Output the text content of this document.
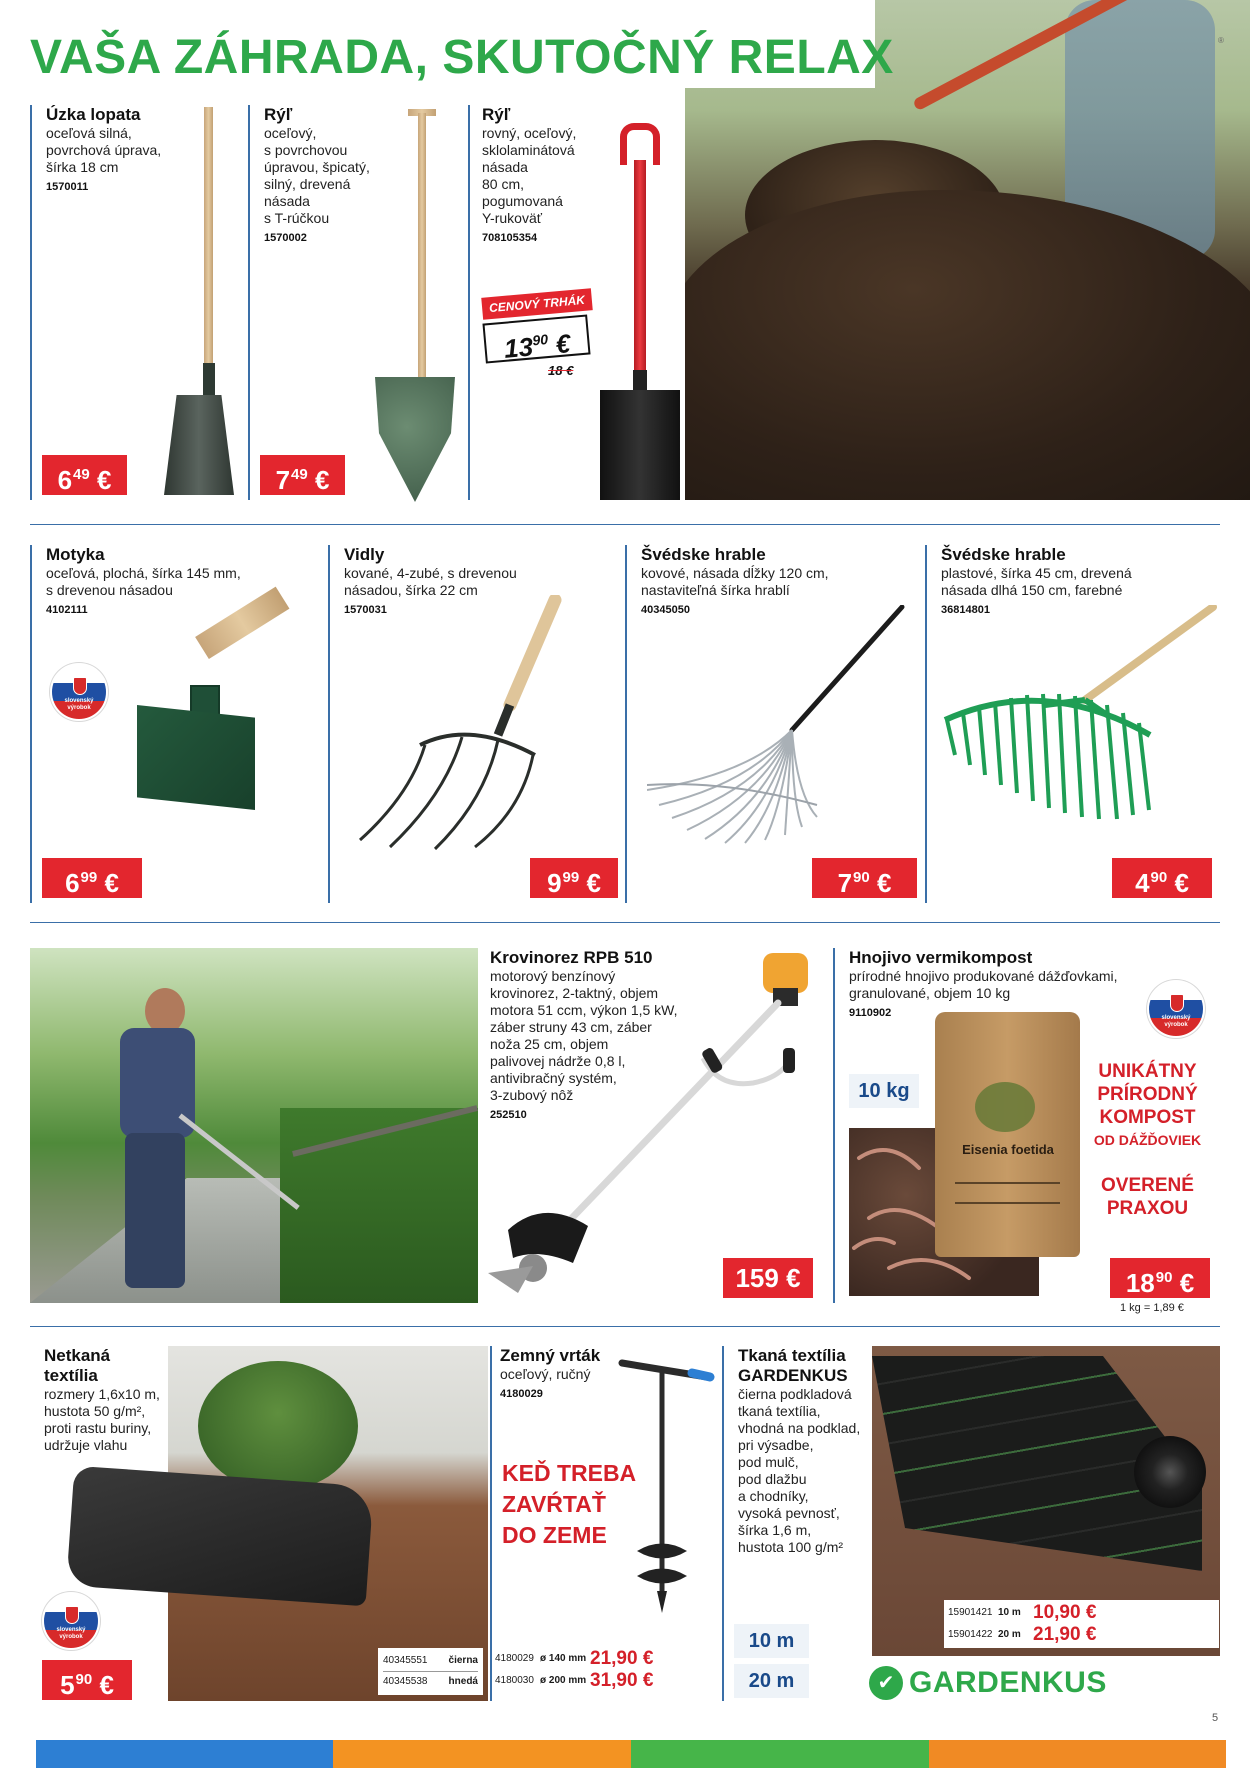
VAŠA ZÁHRADA, SKUTOČNÝ RELAX	®
Úzka lopata
oceľová silná,
povrchová úprava,
šírka 18 cm
1570011
$6^{49}$ €
Rýľ
oceľový,
s povrchovou
úpravou, špicatý,
silný, drevená
násada
s T-rúčkou
1570002
$7^{49}$ €
Rýľ
rovný, oceľový,
sklolaminátová
násada
80 cm,
pogumovaná
Y-rukoväť
708105354
CENOVÝ TRHÁK
$13^{90}$ €
18 €
Motyka
oceľová, plochá, šírka 145 mm,
s drevenou násadou
4102111
slovenský
výrobok
$6^{99}$ €
Vidly
kované, 4-zubé, s drevenou
násadou, šírka 22 cm
1570031
$9^{99}$ €
Švédske hrable
kovové, násada dĺžky 120 cm,
nastaviteľná šírka hrablí
40345050
$7^{90}$ €
Švédske hrable
plastové, šírka 45 cm, drevená
násada dlhá 150 cm, farebné
36814801
$4^{90}$ €
Krovinorez RPB 510
motorový benzínový
krovinorez, 2-taktný, objem
motora 51 ccm, výkon 1,5 kW,
záber struny 43 cm, záber
noža 25 cm, objem
palivovej nádrže 0,8 l,
antivibračný systém,
3-zubový nôž
252510
159 €
Hnojivo vermikompost
prírodné hnojivo produkované dážďovkami,
granulované, objem 10 kg
9110902	slovenský
výrobok
10 kg
Eisenia foetida
UNIKÁTNY
PRÍRODNÝ
KOMPOST
OD DÁŽĎOVIEK
OVERENÉ
PRAXOU
$18^{90}$ €
1 kg = 1,89 €
Netkaná
textília
rozmery 1,6x10 m,
hustota 50 g/m²,
proti rastu buriny,
udržuje vlahu
slovenský
výrobok
$5^{90}$ €
40345551 čierna
40345538 hnedá
Zemný vrták
oceľový, ručný
4180029
KEĎ TREBA
ZAVŔTAŤ
DO ZEME
4180029 ø 140 mm 21,90 €
4180030 ø 200 mm 31,90 €
Tkaná textília
GARDENKUS
čierna podkladová
tkaná textília,
vhodná na podklad,
pri výsadbe,
pod mulč,
pod dlažbu
a chodníky,
vysoká pevnosť,
šírka 1,6 m,
hustota 100 g/m²
10 m
20 m
15901421 10 m 10,90 €
15901422 20 m 21,90 €
✔ GARDENKUS
5
